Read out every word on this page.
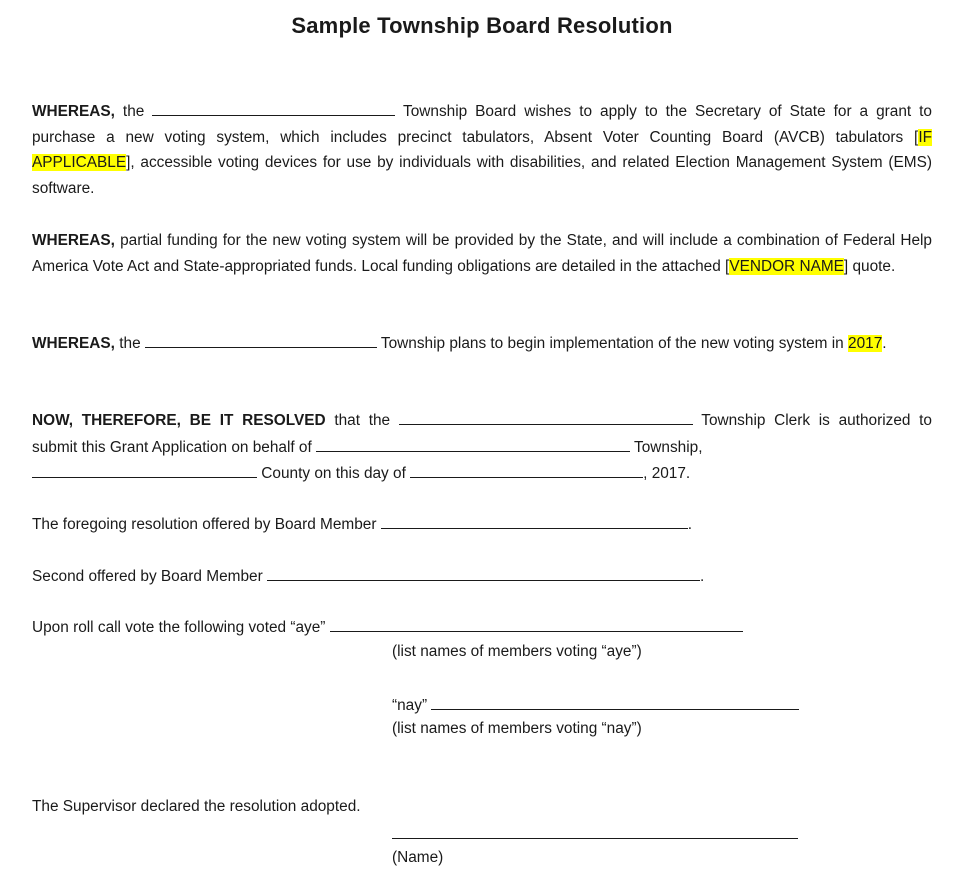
Sample Township Board Resolution
WHEREAS, the	Township Board wishes to apply to the Secretary of State for a grant to purchase a new voting system, which includes precinct tabulators, Absent Voter Counting Board (AVCB) tabulators [IF APPLICABLE], accessible voting devices for use by individuals with disabilities, and related Election Management System (EMS) software.
WHEREAS, partial funding for the new voting system will be provided by the State, and will include a combination of Federal Help America Vote Act and State-appropriated funds. Local funding obligations are detailed in the attached [VENDOR NAME] quote.
WHEREAS, the	Township plans to begin implementation of the new voting system in 2017.
NOW, THEREFORE, BE IT RESOLVED that the	Township Clerk is authorized to
submit this Grant Application on behalf of	Township,
County on this day of	, 2017.
The foregoing resolution offered by Board Member	.
Second offered by Board Member	.
Upon roll call vote the following voted “aye”
(list names of members voting “aye”)
“nay”
(list names of members voting “nay”)
The Supervisor declared the resolution adopted.
(Name)
